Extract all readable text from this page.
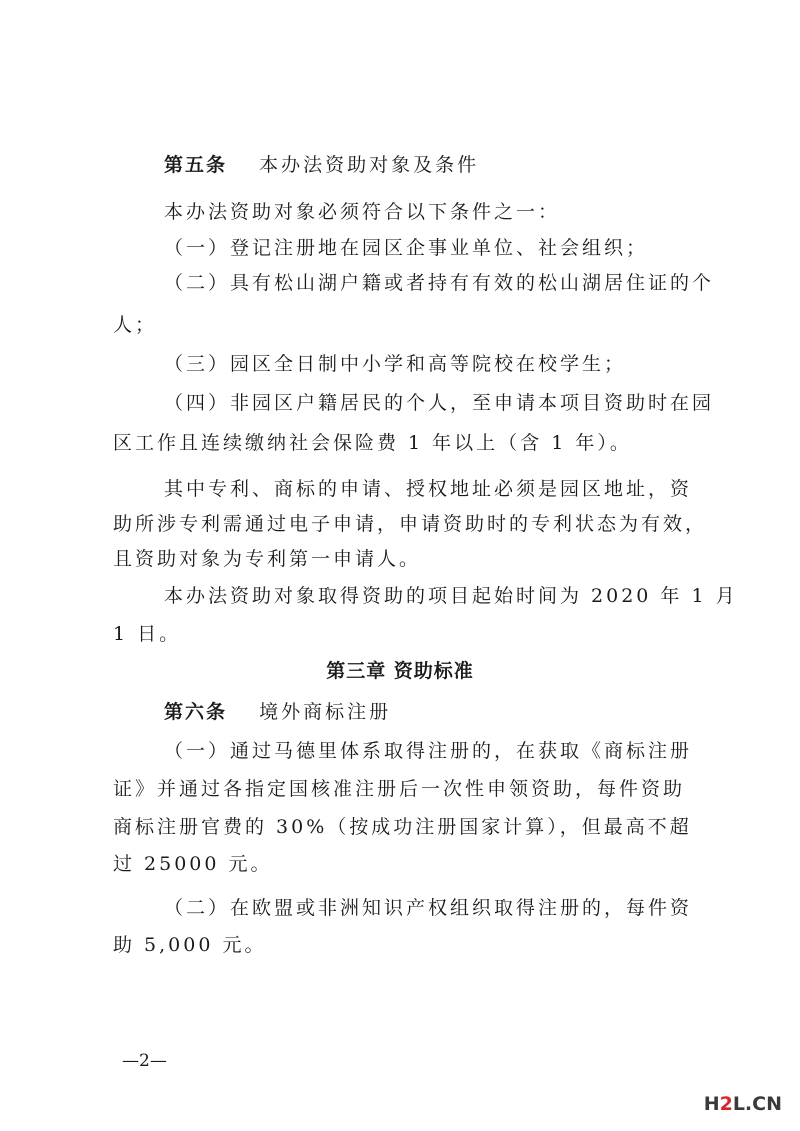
第五条 本办法资助对象及条件
本办法资助对象必须符合以下条件之一：
（一）登记注册地在园区企事业单位、社会组织；
（二）具有松山湖户籍或者持有有效的松山湖居住证的个
人；
（三）园区全日制中小学和高等院校在校学生；
（四）非园区户籍居民的个人，至申请本项目资助时在园
区工作且连续缴纳社会保险费 1 年以上（含 1 年）。
其中专利、商标的申请、授权地址必须是园区地址，资
助所涉专利需通过电子申请，申请资助时的专利状态为有效，
且资助对象为专利第一申请人。
本办法资助对象取得资助的项目起始时间为 2020 年 1 月
1 日。
第三章 资助标准
第六条 境外商标注册
（一）通过马德里体系取得注册的，在获取《商标注册
证》并通过各指定国核准注册后一次性申领资助，每件资助
商标注册官费的 30%（按成功注册国家计算），但最高不超
过 25000 元。
（二）在欧盟或非洲知识产权组织取得注册的，每件资
助 5,000 元。
—2—
H2L.CN
